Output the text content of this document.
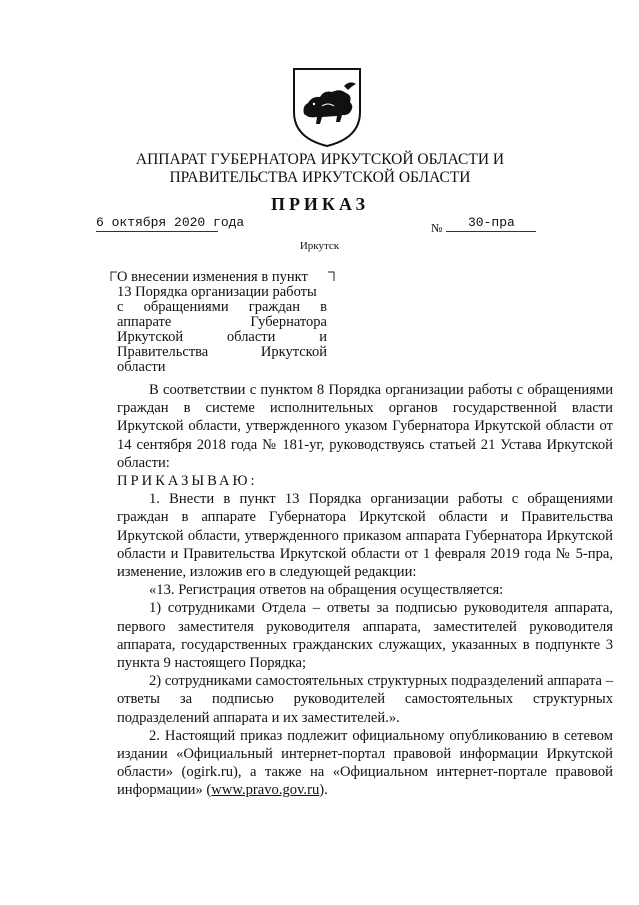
АППАРАТ ГУБЕРНАТОРА ИРКУТСКОЙ ОБЛАСТИ И
ПРАВИТЕЛЬСТВА ИРКУТСКОЙ ОБЛАСТИ
ПРИКАЗ
6 октября 2020 года	№ 30-пра
Иркутск
О внесении изменения в пункт
13 Порядка организации работы
с обращениями граждан в
аппарате	Губернатора
Иркутской	области	и
Правительства	Иркутской
области
В соответствии с пунктом 8 Порядка организации работы с обращениями граждан в системе исполнительных органов государственной власти Иркутской области, утвержденного указом Губернатора Иркутской области от 14 сентября 2018 года № 181-уг, руководствуясь статьей 21 Устава Иркутской области:
ПРИКАЗЫВАЮ:
1. Внести в пункт 13 Порядка организации работы с обращениями граждан в аппарате Губернатора Иркутской области и Правительства Иркутской области, утвержденного приказом аппарата Губернатора Иркутской области и Правительства Иркутской области от 1 февраля 2019 года № 5-пра, изменение, изложив его в следующей редакции:
«13. Регистрация ответов на обращения осуществляется:
1) сотрудниками Отдела – ответы за подписью руководителя аппарата, первого заместителя руководителя аппарата, заместителей руководителя аппарата, государственных гражданских служащих, указанных в подпункте 3 пункта 9 настоящего Порядка;
2) сотрудниками самостоятельных структурных подразделений аппарата – ответы за подписью руководителей самостоятельных структурных подразделений аппарата и их заместителей.».
2. Настоящий приказ подлежит официальному опубликованию в сетевом издании «Официальный интернет-портал правовой информации Иркутской области» (ogirk.ru), а также на «Официальном интернет-портале правовой информации» (www.pravo.gov.ru).
